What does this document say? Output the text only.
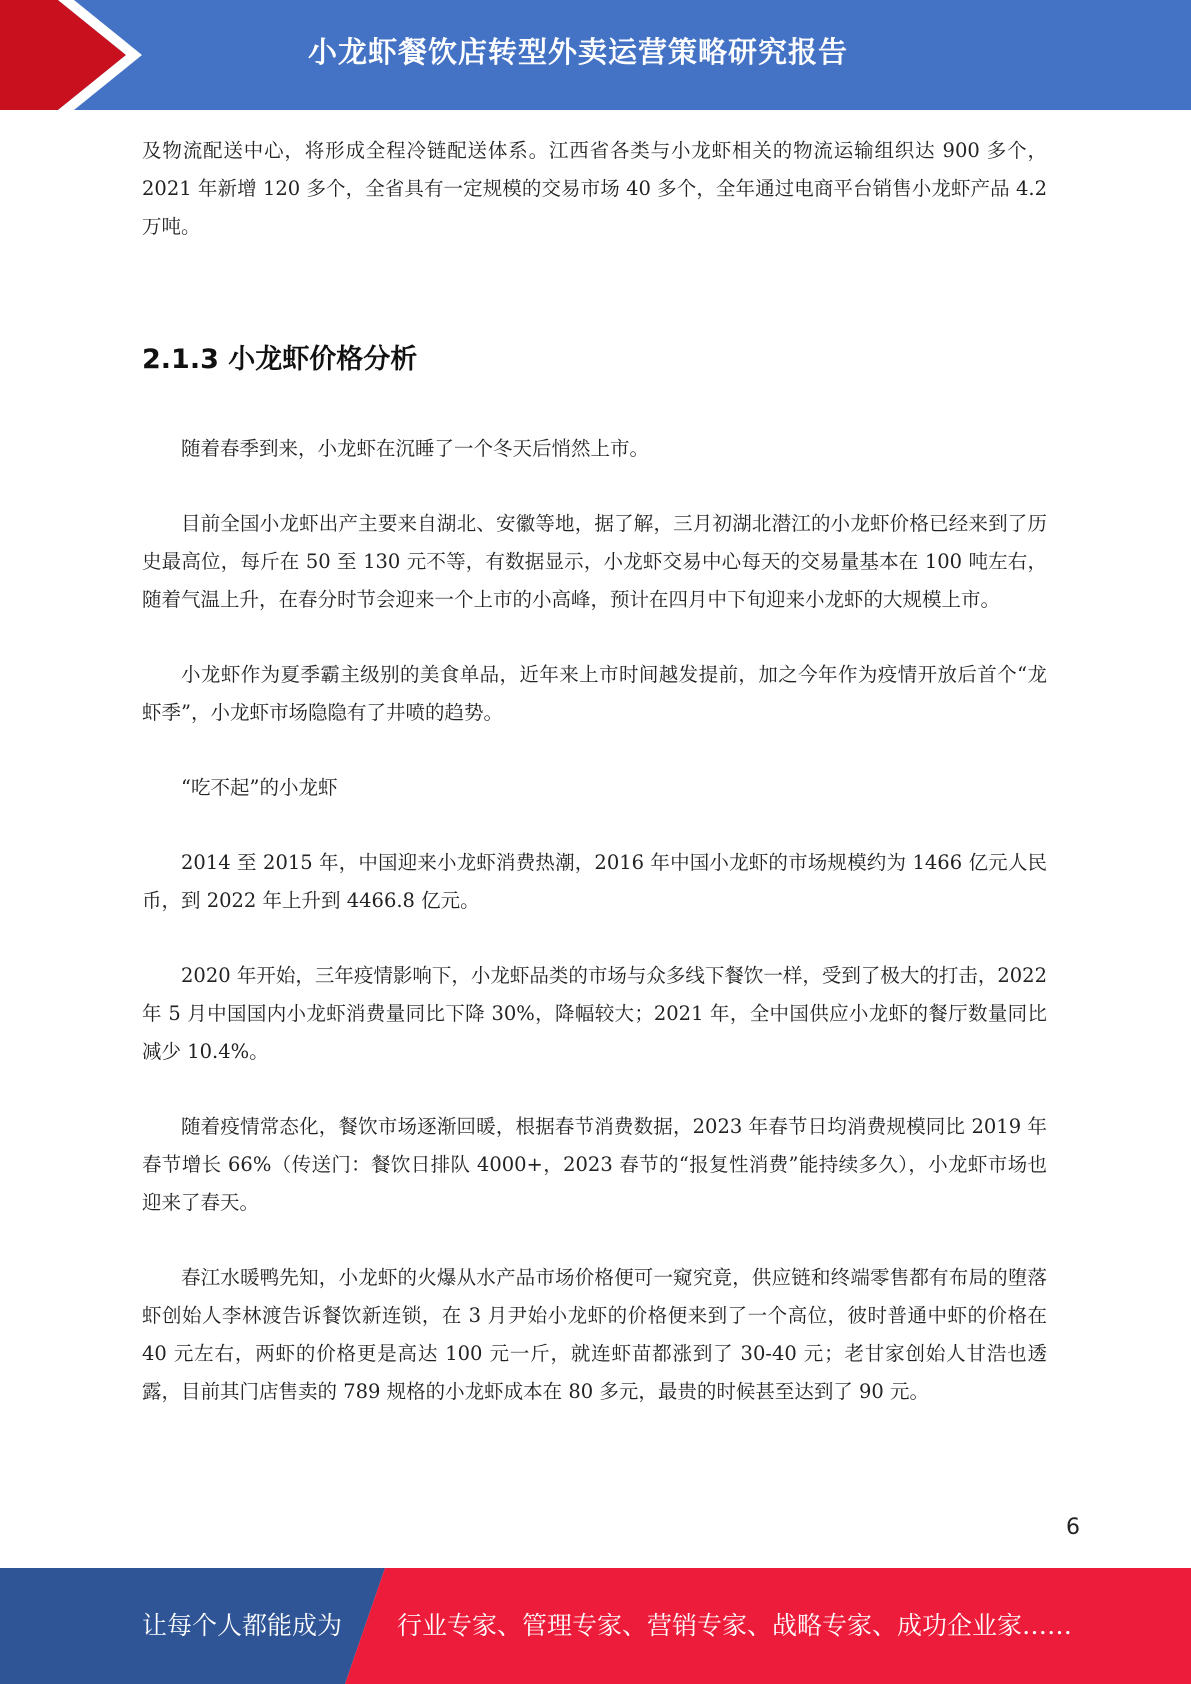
小龙虾餐饮店转型外卖运营策略研究报告

及物流配送中心，将形成全程冷链配送体系。江西省各类与小龙虾相关的物流运输组织达 900 多个，2021 年新增 120 多个，全省具有一定规模的交易市场 40 多个，全年通过电商平台销售小龙虾产品 4.2 万吨。

2.1.3 小龙虾价格分析

随着春季到来，小龙虾在沉睡了一个冬天后悄然上市。

目前全国小龙虾出产主要来自湖北、安徽等地，据了解，三月初湖北潜江的小龙虾价格已经来到了历史最高位，每斤在 50 至 130 元不等，有数据显示，小龙虾交易中心每天的交易量基本在 100 吨左右，随着气温上升，在春分时节会迎来一个上市的小高峰，预计在四月中下旬迎来小龙虾的大规模上市。

小龙虾作为夏季霸主级别的美食单品，近年来上市时间越发提前，加之今年作为疫情开放后首个“龙虾季”，小龙虾市场隐隐有了井喷的趋势。

“吃不起”的小龙虾

2014 至 2015 年，中国迎来小龙虾消费热潮，2016 年中国小龙虾的市场规模约为 1466 亿元人民币，到 2022 年上升到 4466.8 亿元。

2020 年开始，三年疫情影响下，小龙虾品类的市场与众多线下餐饮一样，受到了极大的打击，2022 年 5 月中国国内小龙虾消费量同比下降 30%，降幅较大；2021 年，全中国供应小龙虾的餐厅数量同比减少 10.4%。

随着疫情常态化，餐饮市场逐渐回暖，根据春节消费数据，2023 年春节日均消费规模同比 2019 年春节增长 66%（传送门：餐饮日排队 4000+，2023 春节的“报复性消费”能持续多久），小龙虾市场也迎来了春天。

春江水暖鸭先知，小龙虾的火爆从水产品市场价格便可一窥究竟，供应链和终端零售都有布局的堕落虾创始人李林渡告诉餐饮新连锁，在 3 月尹始小龙虾的价格便来到了一个高位，彼时普通中虾的价格在 40 元左右，两虾的价格更是高达 100 元一斤，就连虾苗都涨到了 30-40 元；老甘家创始人甘浩也透露，目前其门店售卖的 789 规格的小龙虾成本在 80 多元，最贵的时候甚至达到了 90 元。

6
让每个人都能成为 行业专家、管理专家、营销专家、战略专家、成功企业家……
